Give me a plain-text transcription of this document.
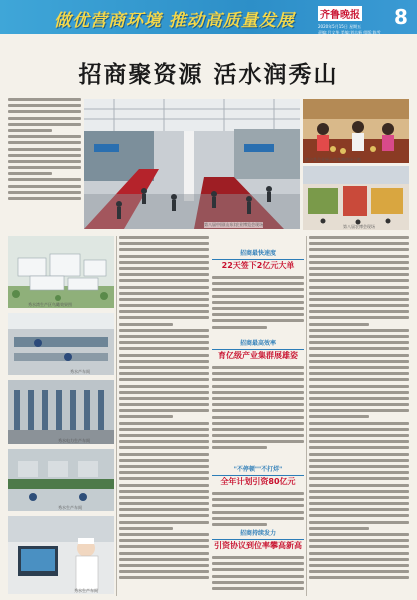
做优营商环境 推动高质量发展	齐鲁晚报
2020年5月15日 星期五
责编:吕文华 美编:刘志新 组版:陈雪
8
招商聚资源 活水润秀山
第八届中国(山东)农业博览会现场
济宁某企业展台前客商络绎不绝
第八届农博会现场
秀水湾生产区鸟瞰效果图
秀水产车间
秀水电力生产车间
秀水生产车间
秀水生产车间
招商最快速度
22天签下2亿元大单
招商最高效率
育亿级产业集群展雄姿
"不停顿""不打烊"
全年计划引资80亿元
招商持续发力
引资协议到位率攀高新高
